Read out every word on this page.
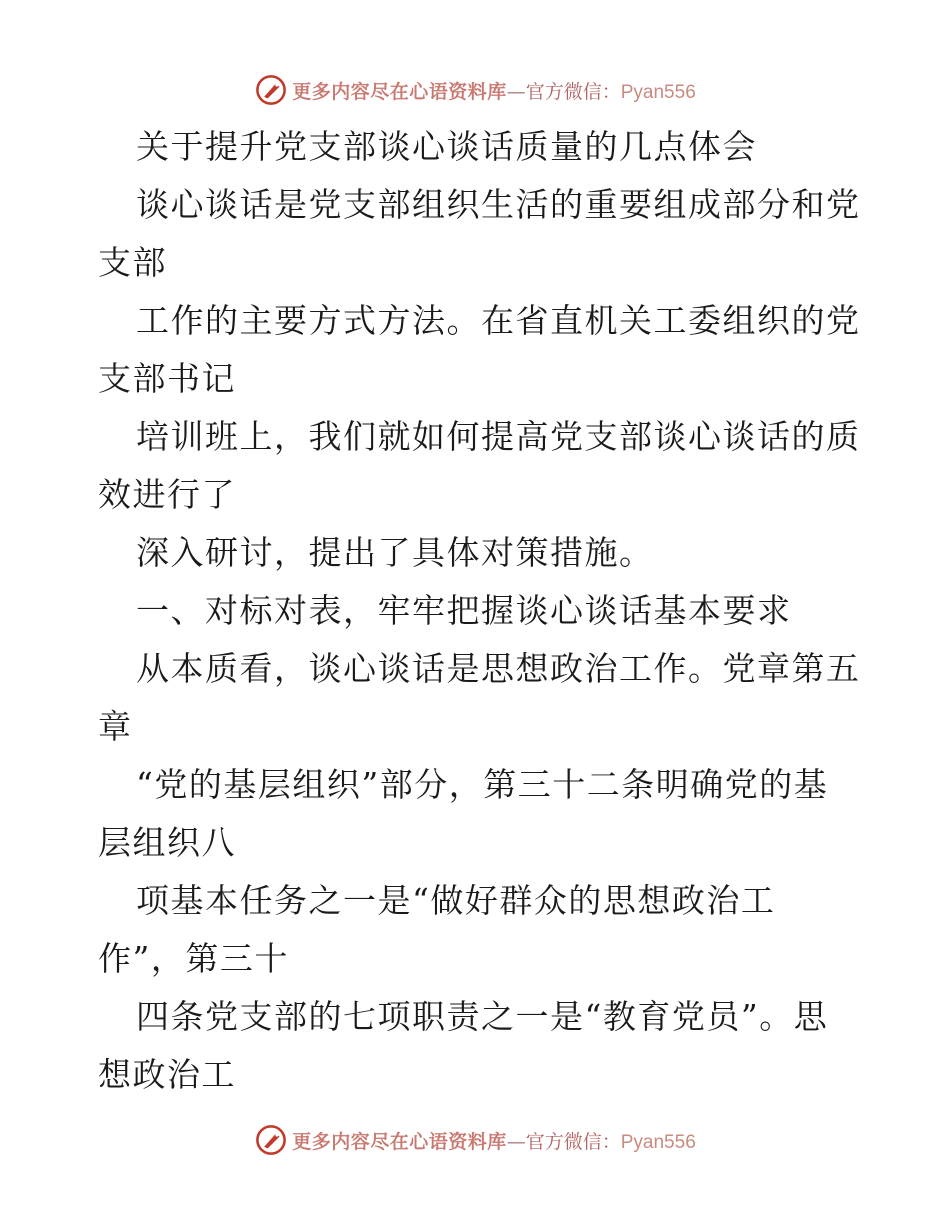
更多内容尽在心语资料库—官方微信：Pyan556
关于提升党支部谈心谈话质量的几点体会
谈心谈话是党支部组织生活的重要组成部分和党
支部
工作的主要方式方法。在省直机关工委组织的党
支部书记
培训班上，我们就如何提高党支部谈心谈话的质
效进行了
深入研讨，提出了具体对策措施。
一、对标对表，牢牢把握谈心谈话基本要求
从本质看，谈心谈话是思想政治工作。党章第五
章
“党的基层组织”部分，第三十二条明确党的基
层组织八
项基本任务之一是“做好群众的思想政治工
作”，第三十
四条党支部的七项职责之一是“教育党员”。思
想政治工
更多内容尽在心语资料库—官方微信：Pyan556
